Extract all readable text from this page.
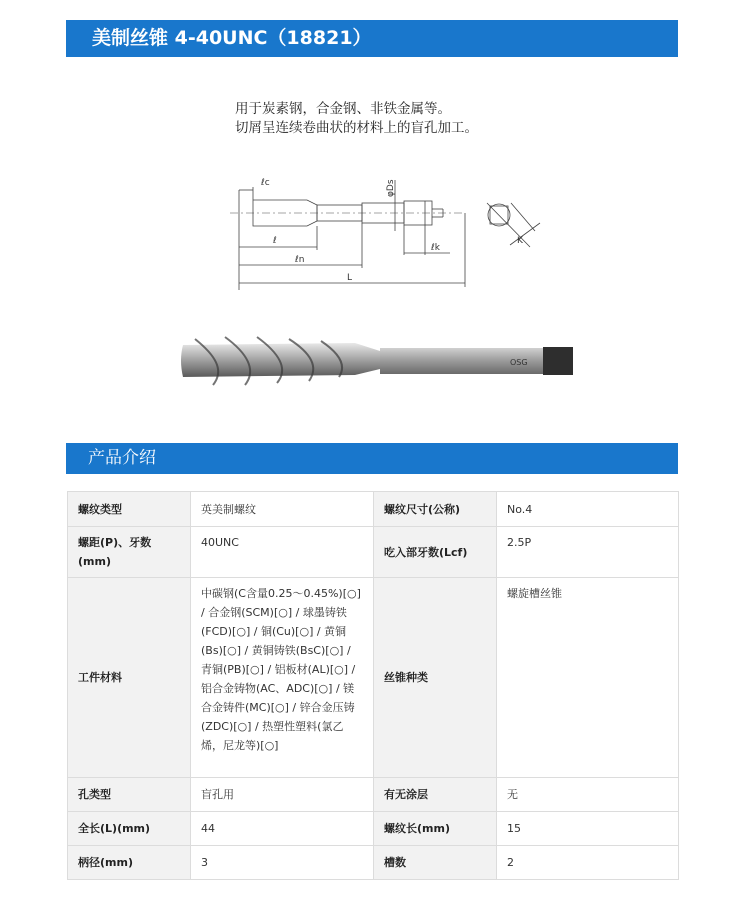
美制丝锥 4-40UNC（18821）
用于炭素钢，合金钢、非铁金属等。
切屑呈连续卷曲状的材料上的盲孔加工。
ℓc	φDs
ℓ
ℓn
L
ℓk
K
OSG
产品介绍
螺纹类型	英美制螺纹	螺纹尺寸(公称)	No.4
螺距(P)、牙数(mm)	40UNC	吃入部牙数(Lcf)	2.5P
工件材料	中碳钢(C含量0.25～0.45%)[○] / 合金钢(SCM)[○] / 球墨铸铁(FCD)[○] / 铜(Cu)[○] / 黄铜(Bs)[○] / 黄铜铸铁(BsC)[○] / 青铜(PB)[○] / 铝板材(AL)[○] / 铝合金铸物(AC、ADC)[○] / 镁合金铸件(MC)[○] / 锌合金压铸(ZDC)[○] / 热塑性塑料(氯乙烯，尼龙等)[○]	丝锥种类	螺旋槽丝锥
孔类型	盲孔用	有无涂层	无
全长(L)(mm)	44	螺纹长(mm)	15
柄径(mm)	3	槽数	2
